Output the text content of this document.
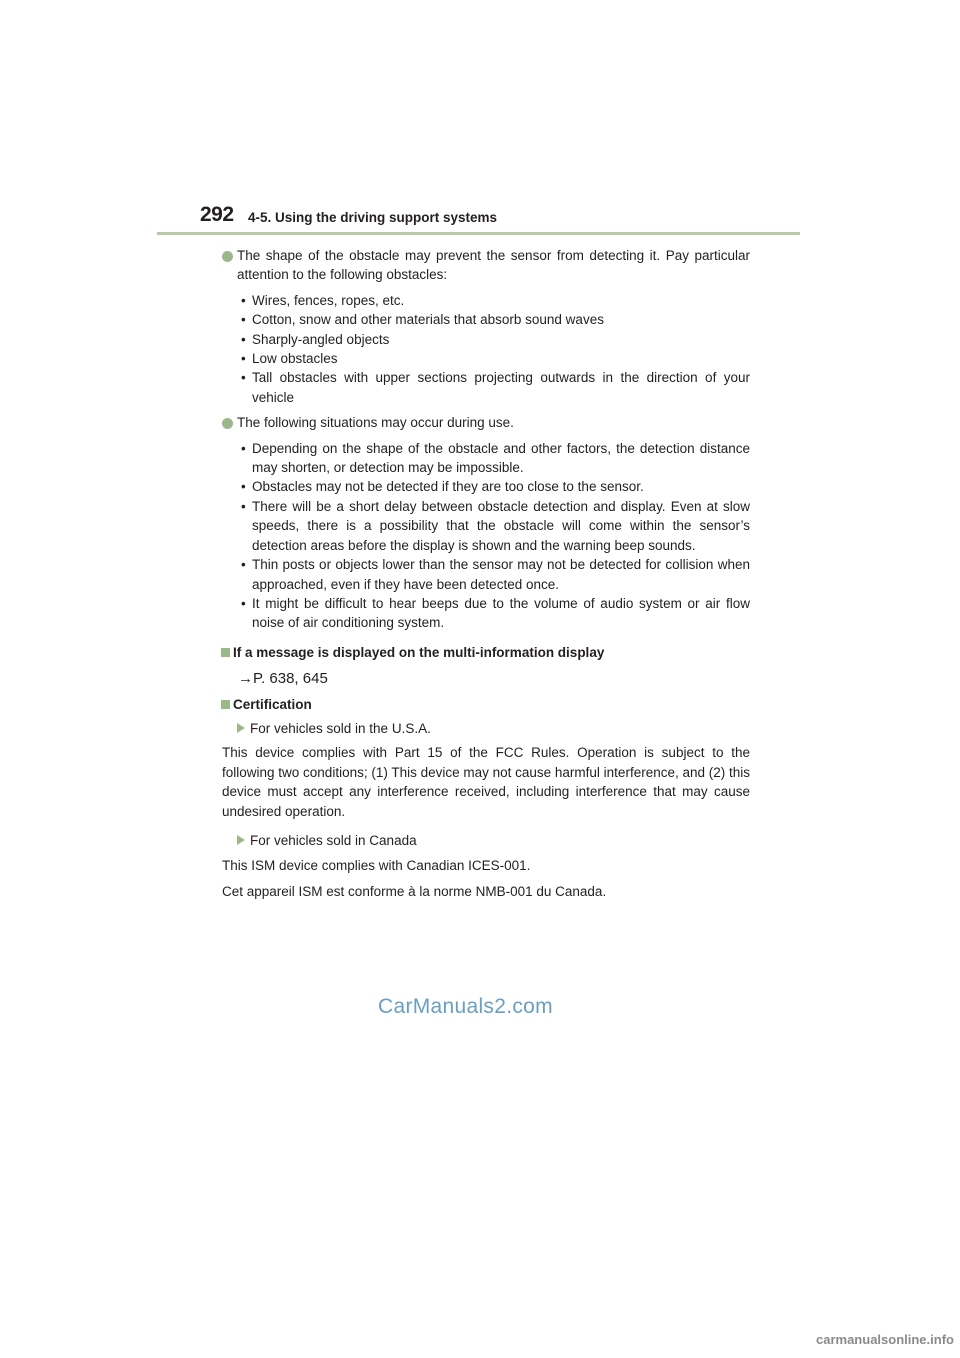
292 4-5. Using the driving support systems
The shape of the obstacle may prevent the sensor from detecting it. Pay particular attention to the following obstacles:
• Wires, fences, ropes, etc.
• Cotton, snow and other materials that absorb sound waves
• Sharply-angled objects
• Low obstacles
• Tall obstacles with upper sections projecting outwards in the direction of your vehicle
The following situations may occur during use.
• Depending on the shape of the obstacle and other factors, the detection distance may shorten, or detection may be impossible.
• Obstacles may not be detected if they are too close to the sensor.
• There will be a short delay between obstacle detection and display. Even at slow speeds, there is a possibility that the obstacle will come within the sensor’s detection areas before the display is shown and the warning beep sounds.
• Thin posts or objects lower than the sensor may not be detected for collision when approached, even if they have been detected once.
• It might be difficult to hear beeps due to the volume of audio system or air flow noise of air conditioning system.
If a message is displayed on the multi-information display
→P. 638, 645
Certification
For vehicles sold in the U.S.A.
This device complies with Part 15 of the FCC Rules. Operation is subject to the following two conditions; (1) This device may not cause harmful interference, and (2) this device must accept any interference received, including interference that may cause undesired operation.
For vehicles sold in Canada
This ISM device complies with Canadian ICES-001.
Cet appareil ISM est conforme à la norme NMB-001 du Canada.
CarManuals2.com
carmanualsonline.info
